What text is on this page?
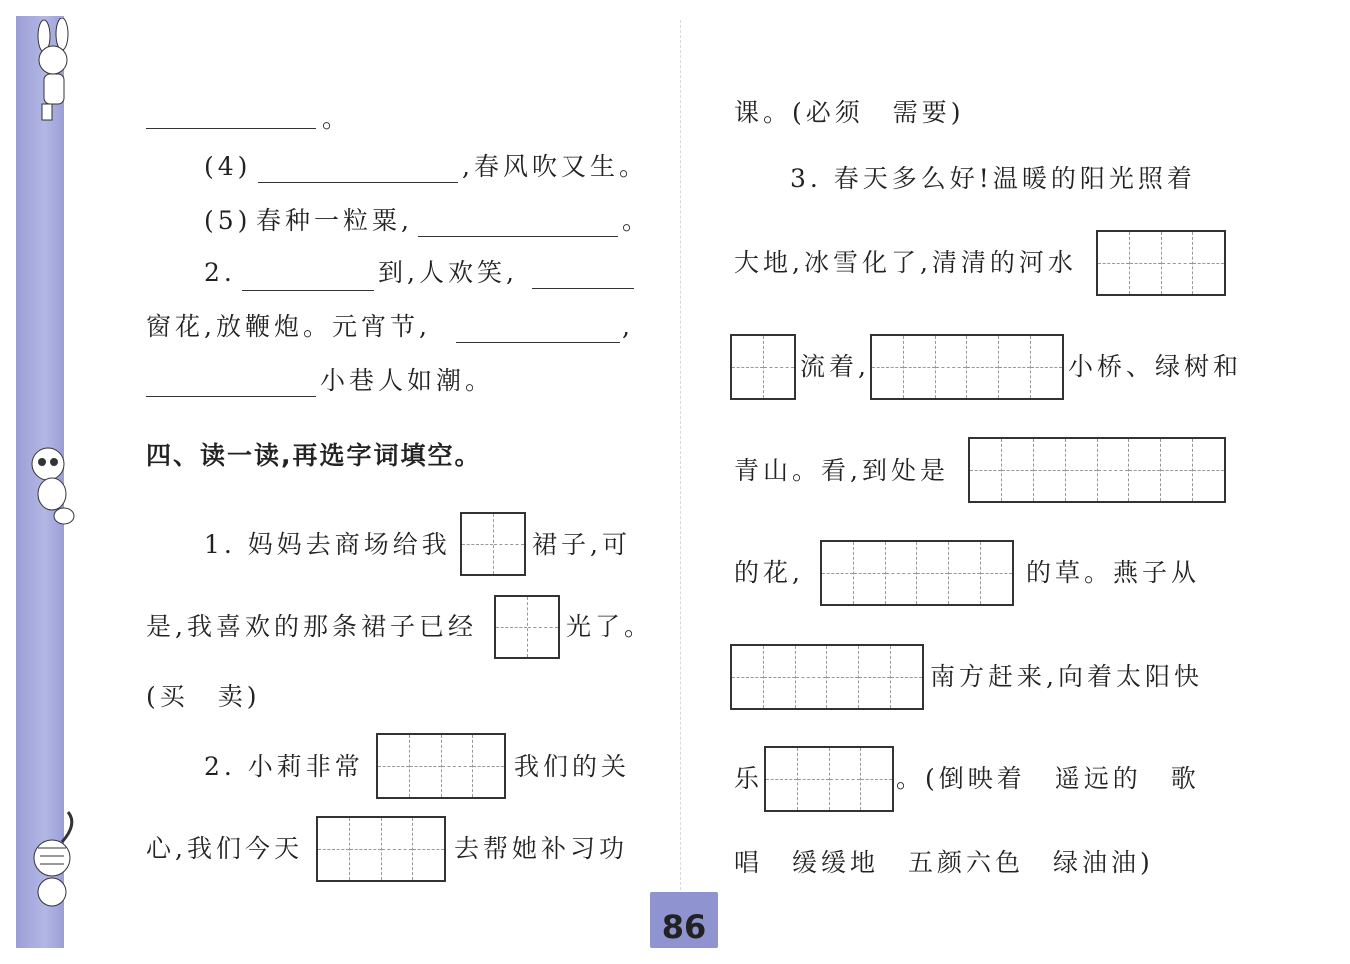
。
(4)	,春风吹又生。
(5) 春种一粒粟,	。
2.	到,人欢笑,
窗花,放鞭炮。元宵节,	,
小巷人如潮。
四、读一读,再选字词填空。
1. 妈妈去商场给我	裙子,可
是,我喜欢的那条裙子已经	光了。
(买　卖)
2. 小莉非常	我们的关
心,我们今天	去帮她补习功
课。(必须　需要)
3. 春天多么好!温暖的阳光照着
大地,冰雪化了,清清的河水
流着,	小桥、绿树和
青山。看,到处是
的花,	的草。燕子从
南方赶来,向着太阳快
乐	。(倒映着　遥远的　歌
唱　缓缓地　五颜六色　绿油油)
86
